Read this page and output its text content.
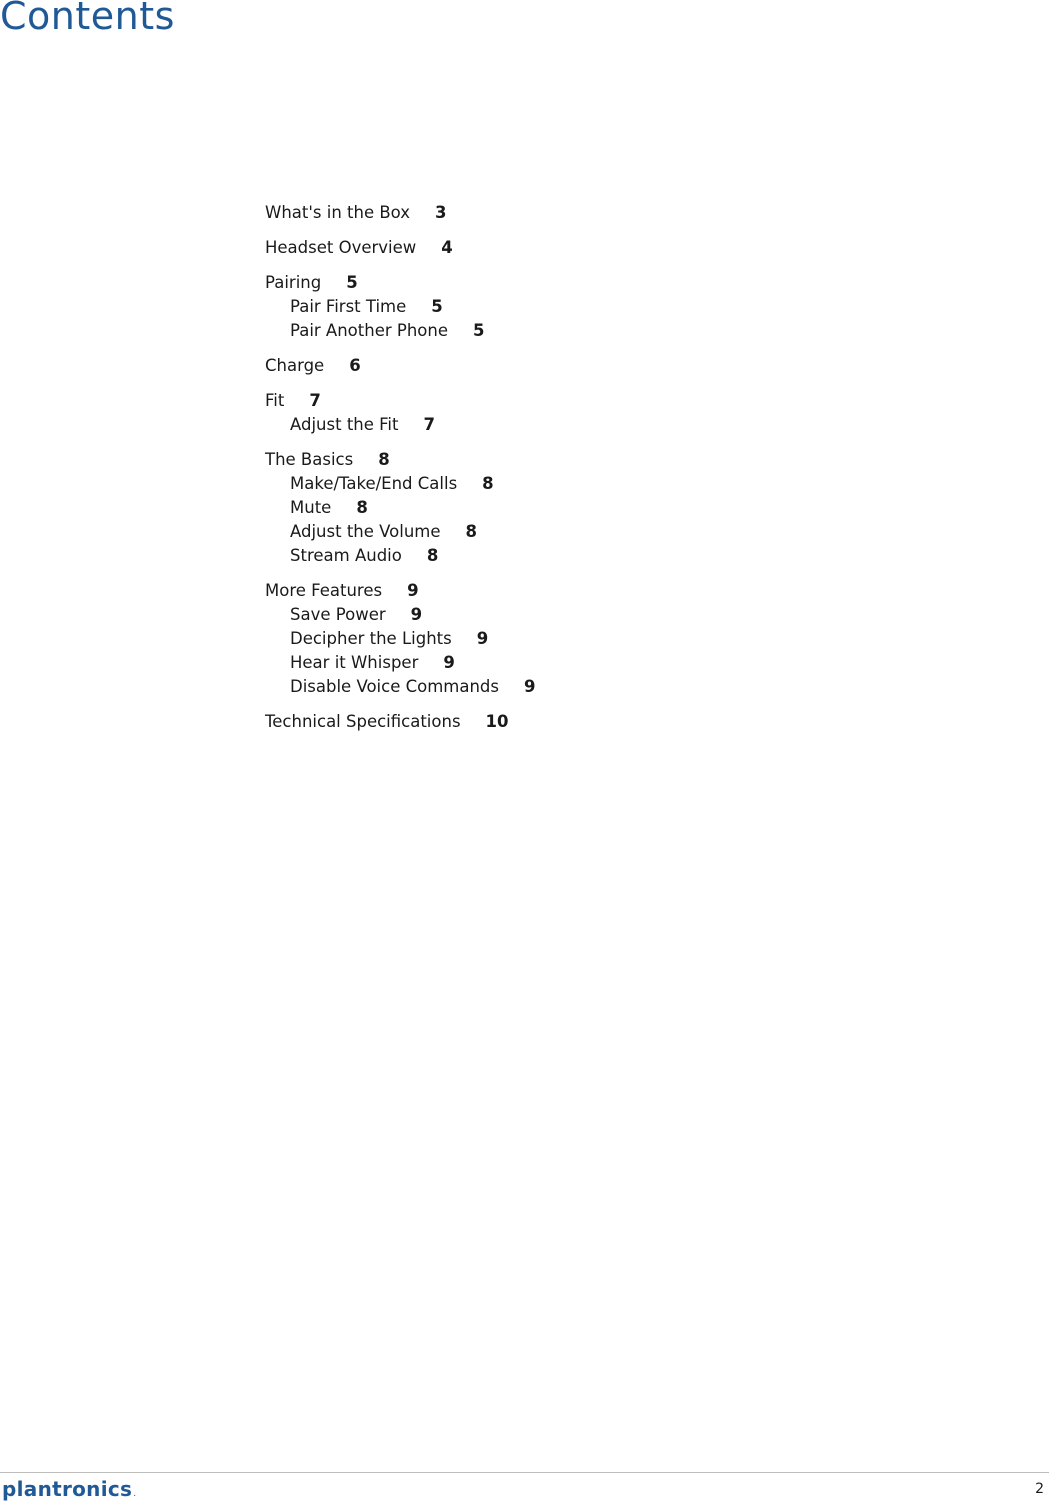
Contents
What's in the Box 3
Headset Overview 4
Pairing 5
Pair First Time 5
Pair Another Phone 5
Charge 6
Fit 7
Adjust the Fit 7
The Basics 8
Make/Take/End Calls 8
Mute 8
Adjust the Volume 8
Stream Audio 8
More Features 9
Save Power 9
Decipher the Lights 9
Hear it Whisper 9
Disable Voice Commands 9
Technical Specifications 10
plantronics.	2
